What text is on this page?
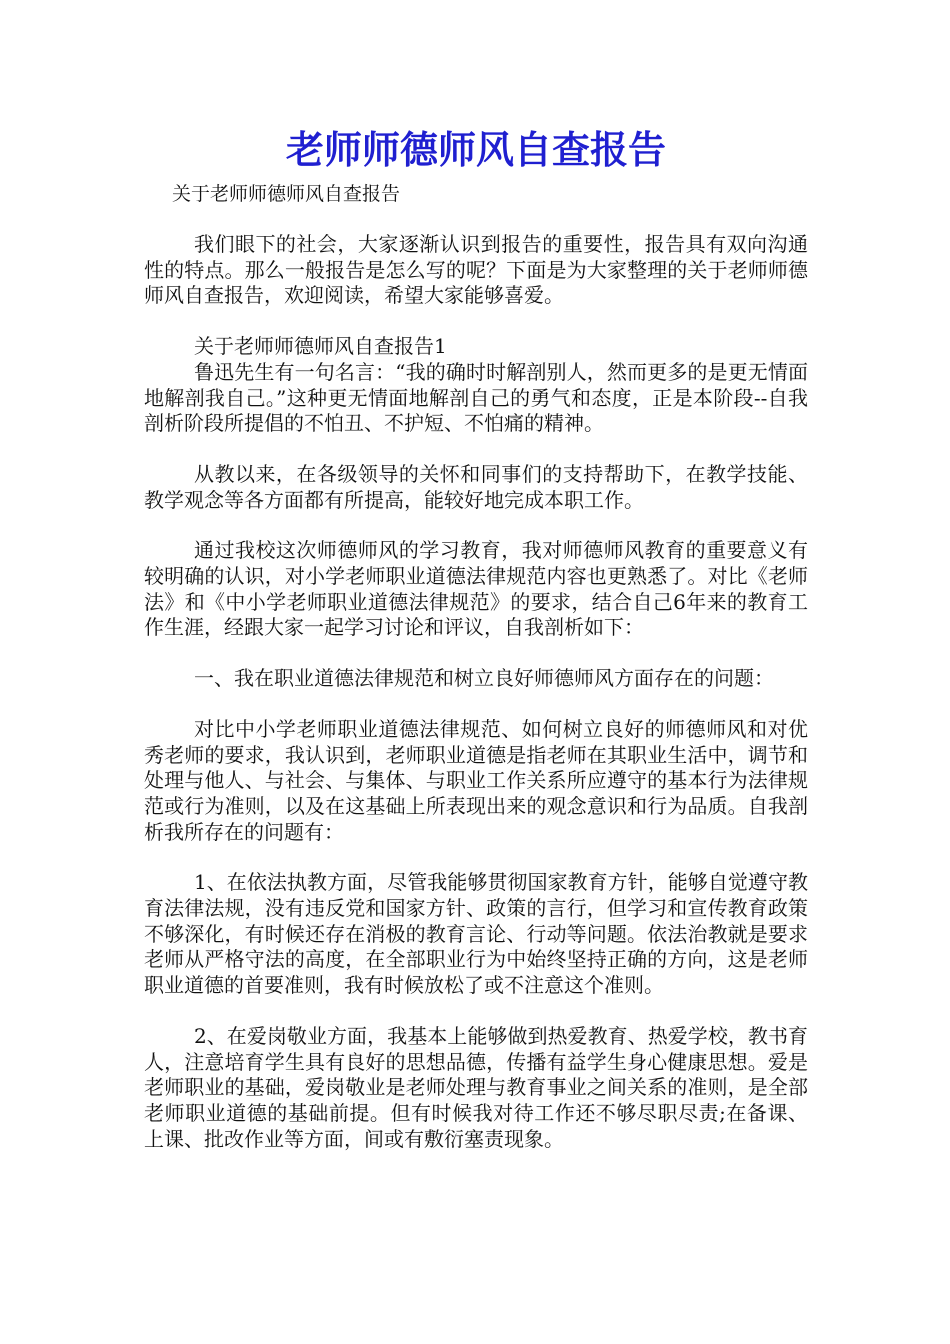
老师师德师风自查报告

关于老师师德师风自查报告

我们眼下的社会，大家逐渐认识到报告的重要性，报告具有双向沟通性的特点。那么一般报告是怎么写的呢？下面是为大家整理的关于老师师德师风自查报告，欢迎阅读，希望大家能够喜爱。

关于老师师德师风自查报告1

鲁迅先生有一句名言：“我的确时时解剖别人，然而更多的是更无情面地解剖我自己。”这种更无情面地解剖自己的勇气和态度，正是本阶段--自我剖析阶段所提倡的不怕丑、不护短、不怕痛的精神。

从教以来，在各级领导的关怀和同事们的支持帮助下，在教学技能、教学观念等各方面都有所提高，能较好地完成本职工作。

通过我校这次师德师风的学习教育，我对师德师风教育的重要意义有较明确的认识，对小学老师职业道德法律规范内容也更熟悉了。对比《老师法》和《中小学老师职业道德法律规范》的要求，结合自己6年来的教育工作生涯，经跟大家一起学习讨论和评议，自我剖析如下：

一、我在职业道德法律规范和树立良好师德师风方面存在的问题：

对比中小学老师职业道德法律规范、如何树立良好的师德师风和对优秀老师的要求，我认识到，老师职业道德是指老师在其职业生活中，调节和处理与他人、与社会、与集体、与职业工作关系所应遵守的基本行为法律规范或行为准则，以及在这基础上所表现出来的观念意识和行为品质。自我剖析我所存在的问题有：

1、在依法执教方面，尽管我能够贯彻国家教育方针，能够自觉遵守教育法律法规，没有违反党和国家方针、政策的言行，但学习和宣传教育政策不够深化，有时候还存在消极的教育言论、行动等问题。依法治教就是要求老师从严格守法的高度，在全部职业行为中始终坚持正确的方向，这是老师职业道德的首要准则，我有时候放松了或不注意这个准则。

2、在爱岗敬业方面，我基本上能够做到热爱教育、热爱学校，教书育人，注意培育学生具有良好的思想品德，传播有益学生身心健康思想。爱是老师职业的基础，爱岗敬业是老师处理与教育事业之间关系的准则，是全部老师职业道德的基础前提。但有时候我对待工作还不够尽职尽责;在备课、上课、批改作业等方面，间或有敷衍塞责现象。
